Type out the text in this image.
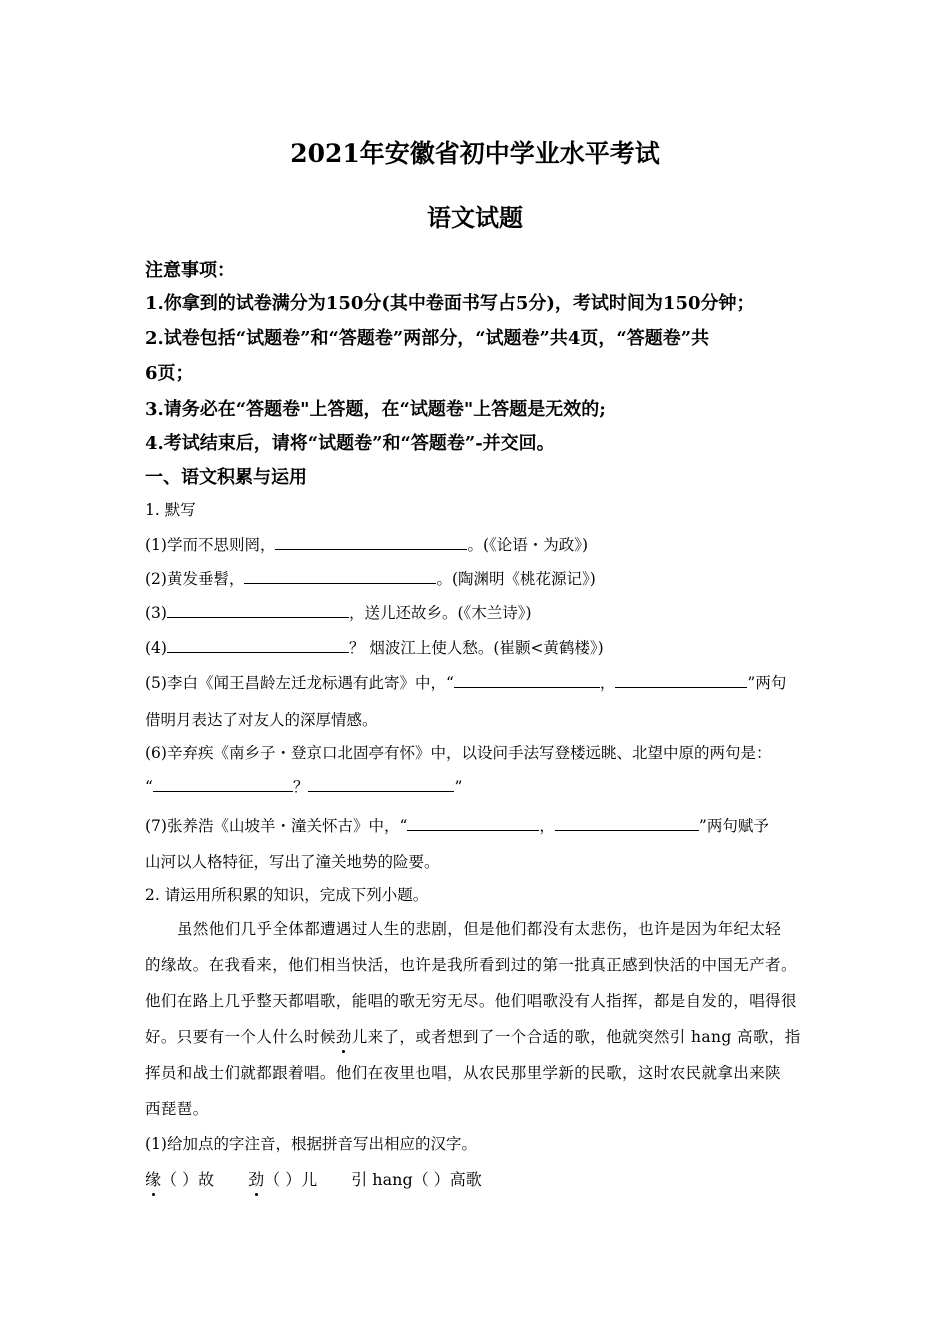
2021年安徽省初中学业水平考试
语文试题
注意事项：
1.你拿到的试卷满分为150分(其中卷面书写占5分)，考试时间为150分钟；
2.试卷包括“试题卷”和“答题卷”两部分，“试题卷”共4页，“答题卷”共
6页；
3.请务必在“答题卷"上答题，在“试题卷"上答题是无效的;
4.考试结束后，请将“试题卷”和“答题卷”-并交回。
一、语文积累与运用
1. 默写
(1)学而不思则罔，	。(《论语・为政》)
(2)黄发垂髫，	。(陶渊明《桃花源记》)
(3)	，送儿还故乡。(《木兰诗》)
(4)	？ 烟波江上使人愁。(崔颢<黄鹤楼》)
(5)李白《闻王昌龄左迁龙标遇有此寄》中，“	，	”两句
借明月表达了对友人的深厚情感。
(6)辛弃疾《南乡子・登京口北固亭有怀》中，以设问手法写登楼远眺、北望中原的两句是：
“	？	”
(7)张养浩《山坡羊・潼关怀古》中，“	，	”两句赋予
山河以人格特征，写出了潼关地势的险要。
2. 请运用所积累的知识，完成下列小题。
虽然他们几乎全体都遭遇过人生的悲剧，但是他们都没有太悲伤，也许是因为年纪太轻
的缘故。在我看来，他们相当快活，也许是我所看到过的第一批真正感到快活的中国无产者。
他们在路上几乎整天都唱歌，能唱的歌无穷无尽。他们唱歌没有人指挥，都是自发的，唱得很
好。只要有一个人什么时候劲儿来了，或者想到了一个合适的歌，他就突然引 hang 高歌，指
挥员和战士们就都跟着唱。他们在夜里也唱，从农民那里学新的民歌，这时农民就拿出来陕
西琵琶。
(1)给加点的字注音，根据拼音写出相应的汉字。
缘（ ）故 劲（ ）儿 引 hang（ ）高歌
